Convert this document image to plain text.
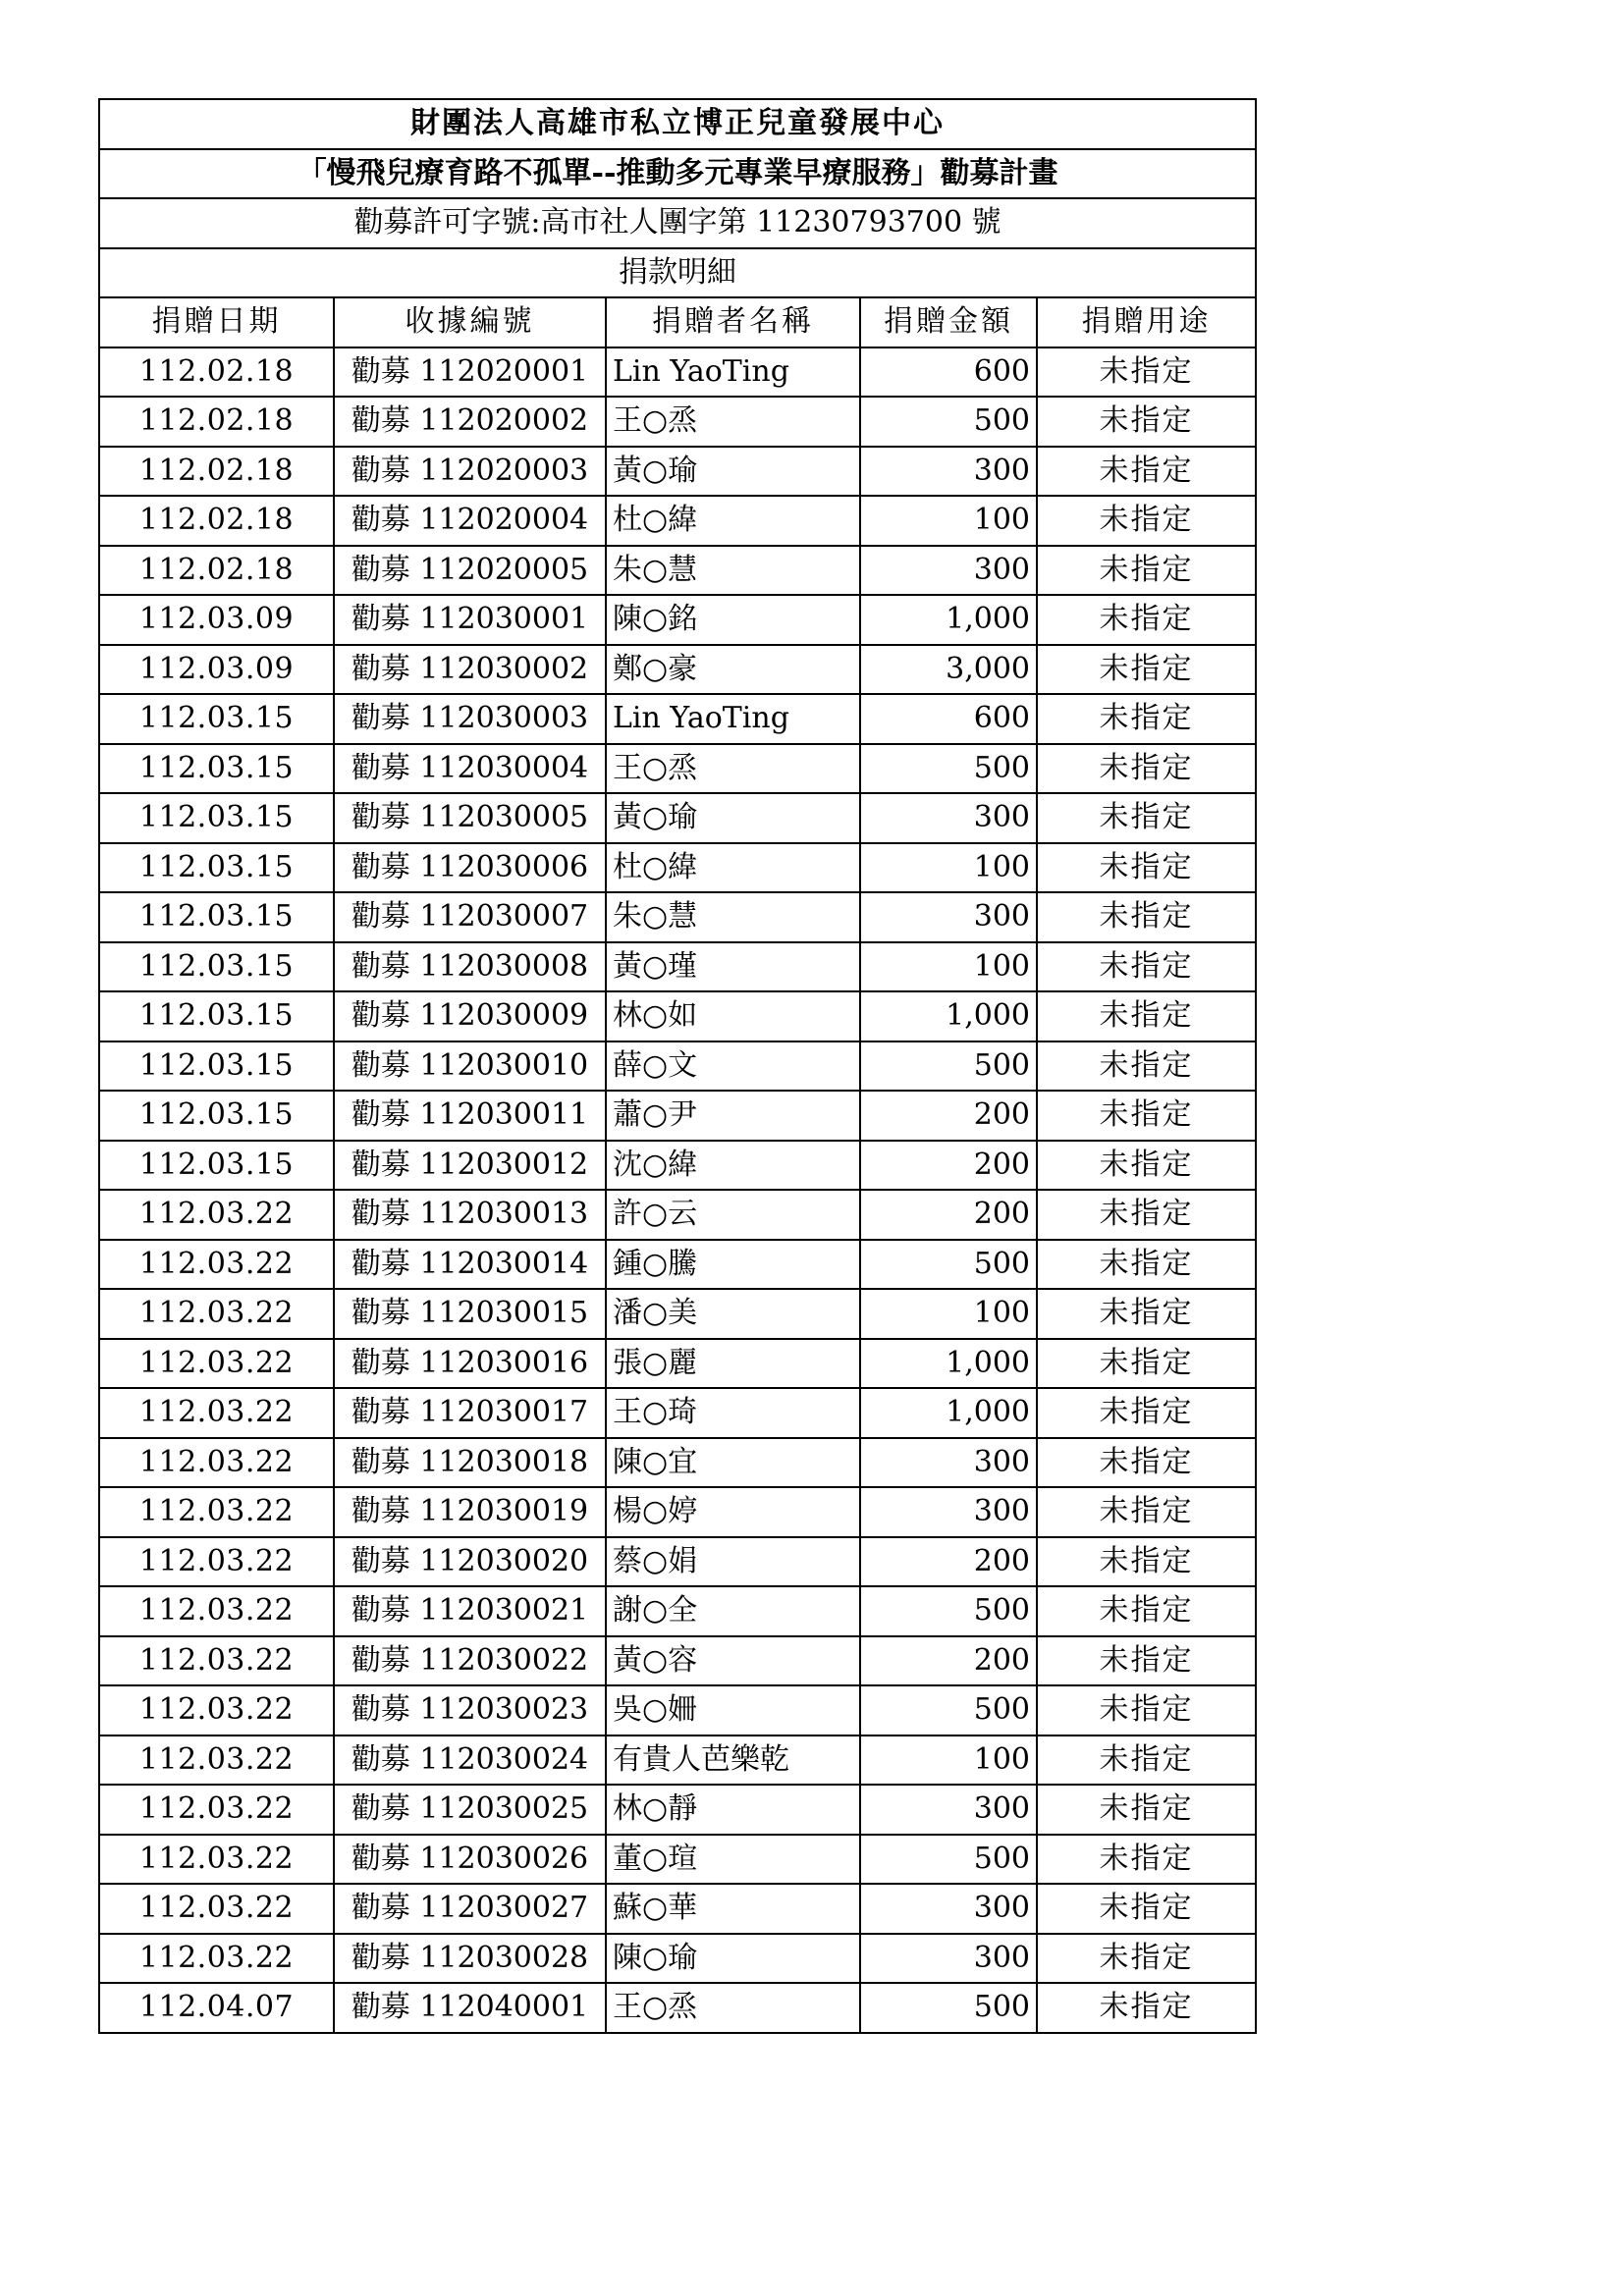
財團法人高雄市私立博正兒童發展中心				
「慢飛兒療育路不孤單--推動多元專業早療服務」勸募計畫				
勸募許可字號:高市社人團字第 11230793700 號				
捐款明細				
捐贈日期	收據編號	捐贈者名稱	捐贈金額	捐贈用途
112.02.18	勸募 112020001	Lin YaoTing	600	未指定
112.02.18	勸募 112020002	王○烝	500	未指定
112.02.18	勸募 112020003	黃○瑜	300	未指定
112.02.18	勸募 112020004	杜○緯	100	未指定
112.02.18	勸募 112020005	朱○慧	300	未指定
112.03.09	勸募 112030001	陳○銘	1,000	未指定
112.03.09	勸募 112030002	鄭○豪	3,000	未指定
112.03.15	勸募 112030003	Lin YaoTing	600	未指定
112.03.15	勸募 112030004	王○烝	500	未指定
112.03.15	勸募 112030005	黃○瑜	300	未指定
112.03.15	勸募 112030006	杜○緯	100	未指定
112.03.15	勸募 112030007	朱○慧	300	未指定
112.03.15	勸募 112030008	黃○瑾	100	未指定
112.03.15	勸募 112030009	林○如	1,000	未指定
112.03.15	勸募 112030010	薛○文	500	未指定
112.03.15	勸募 112030011	蕭○尹	200	未指定
112.03.15	勸募 112030012	沈○緯	200	未指定
112.03.22	勸募 112030013	許○云	200	未指定
112.03.22	勸募 112030014	鍾○騰	500	未指定
112.03.22	勸募 112030015	潘○美	100	未指定
112.03.22	勸募 112030016	張○麗	1,000	未指定
112.03.22	勸募 112030017	王○琦	1,000	未指定
112.03.22	勸募 112030018	陳○宜	300	未指定
112.03.22	勸募 112030019	楊○婷	300	未指定
112.03.22	勸募 112030020	蔡○娟	200	未指定
112.03.22	勸募 112030021	謝○全	500	未指定
112.03.22	勸募 112030022	黃○容	200	未指定
112.03.22	勸募 112030023	吳○姍	500	未指定
112.03.22	勸募 112030024	有貴人芭樂乾	100	未指定
112.03.22	勸募 112030025	林○靜	300	未指定
112.03.22	勸募 112030026	董○瑄	500	未指定
112.03.22	勸募 112030027	蘇○華	300	未指定
112.03.22	勸募 112030028	陳○瑜	300	未指定
112.04.07	勸募 112040001	王○烝	500	未指定
